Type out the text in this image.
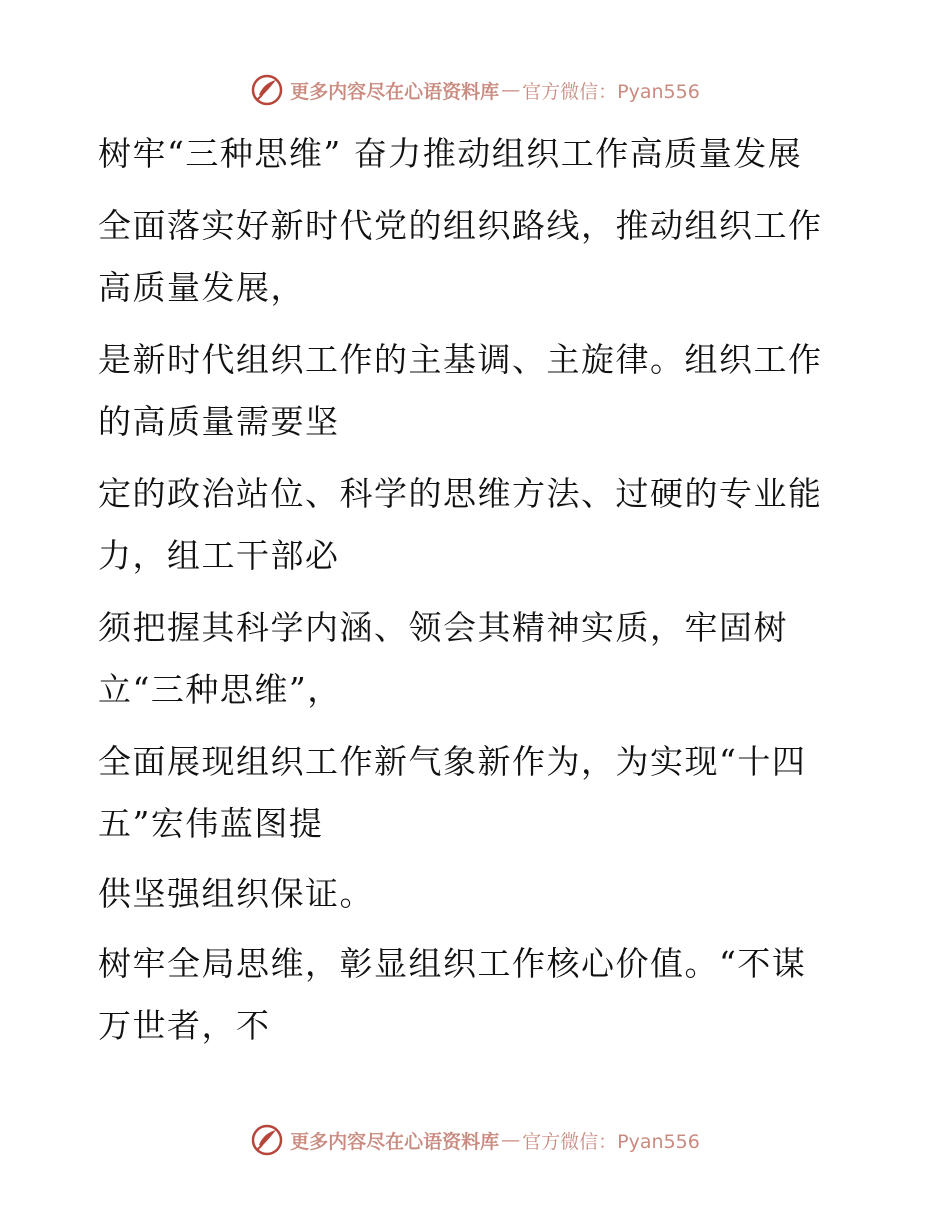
更多内容尽在心语资料库 — 官方微信：Pyan556
树牢“三种思维” 奋力推动组织工作高质量发展
全面落实好新时代党的组织路线，推动组织工作
高质量发展，
是新时代组织工作的主基调、主旋律。组织工作
的高质量需要坚
定的政治站位、科学的思维方法、过硬的专业能
力，组工干部必
须把握其科学内涵、领会其精神实质，牢固树
立“三种思维”，
全面展现组织工作新气象新作为，为实现“十四
五”宏伟蓝图提
供坚强组织保证。
树牢全局思维，彰显组织工作核心价值。“不谋
万世者，不
更多内容尽在心语资料库 — 官方微信：Pyan556
